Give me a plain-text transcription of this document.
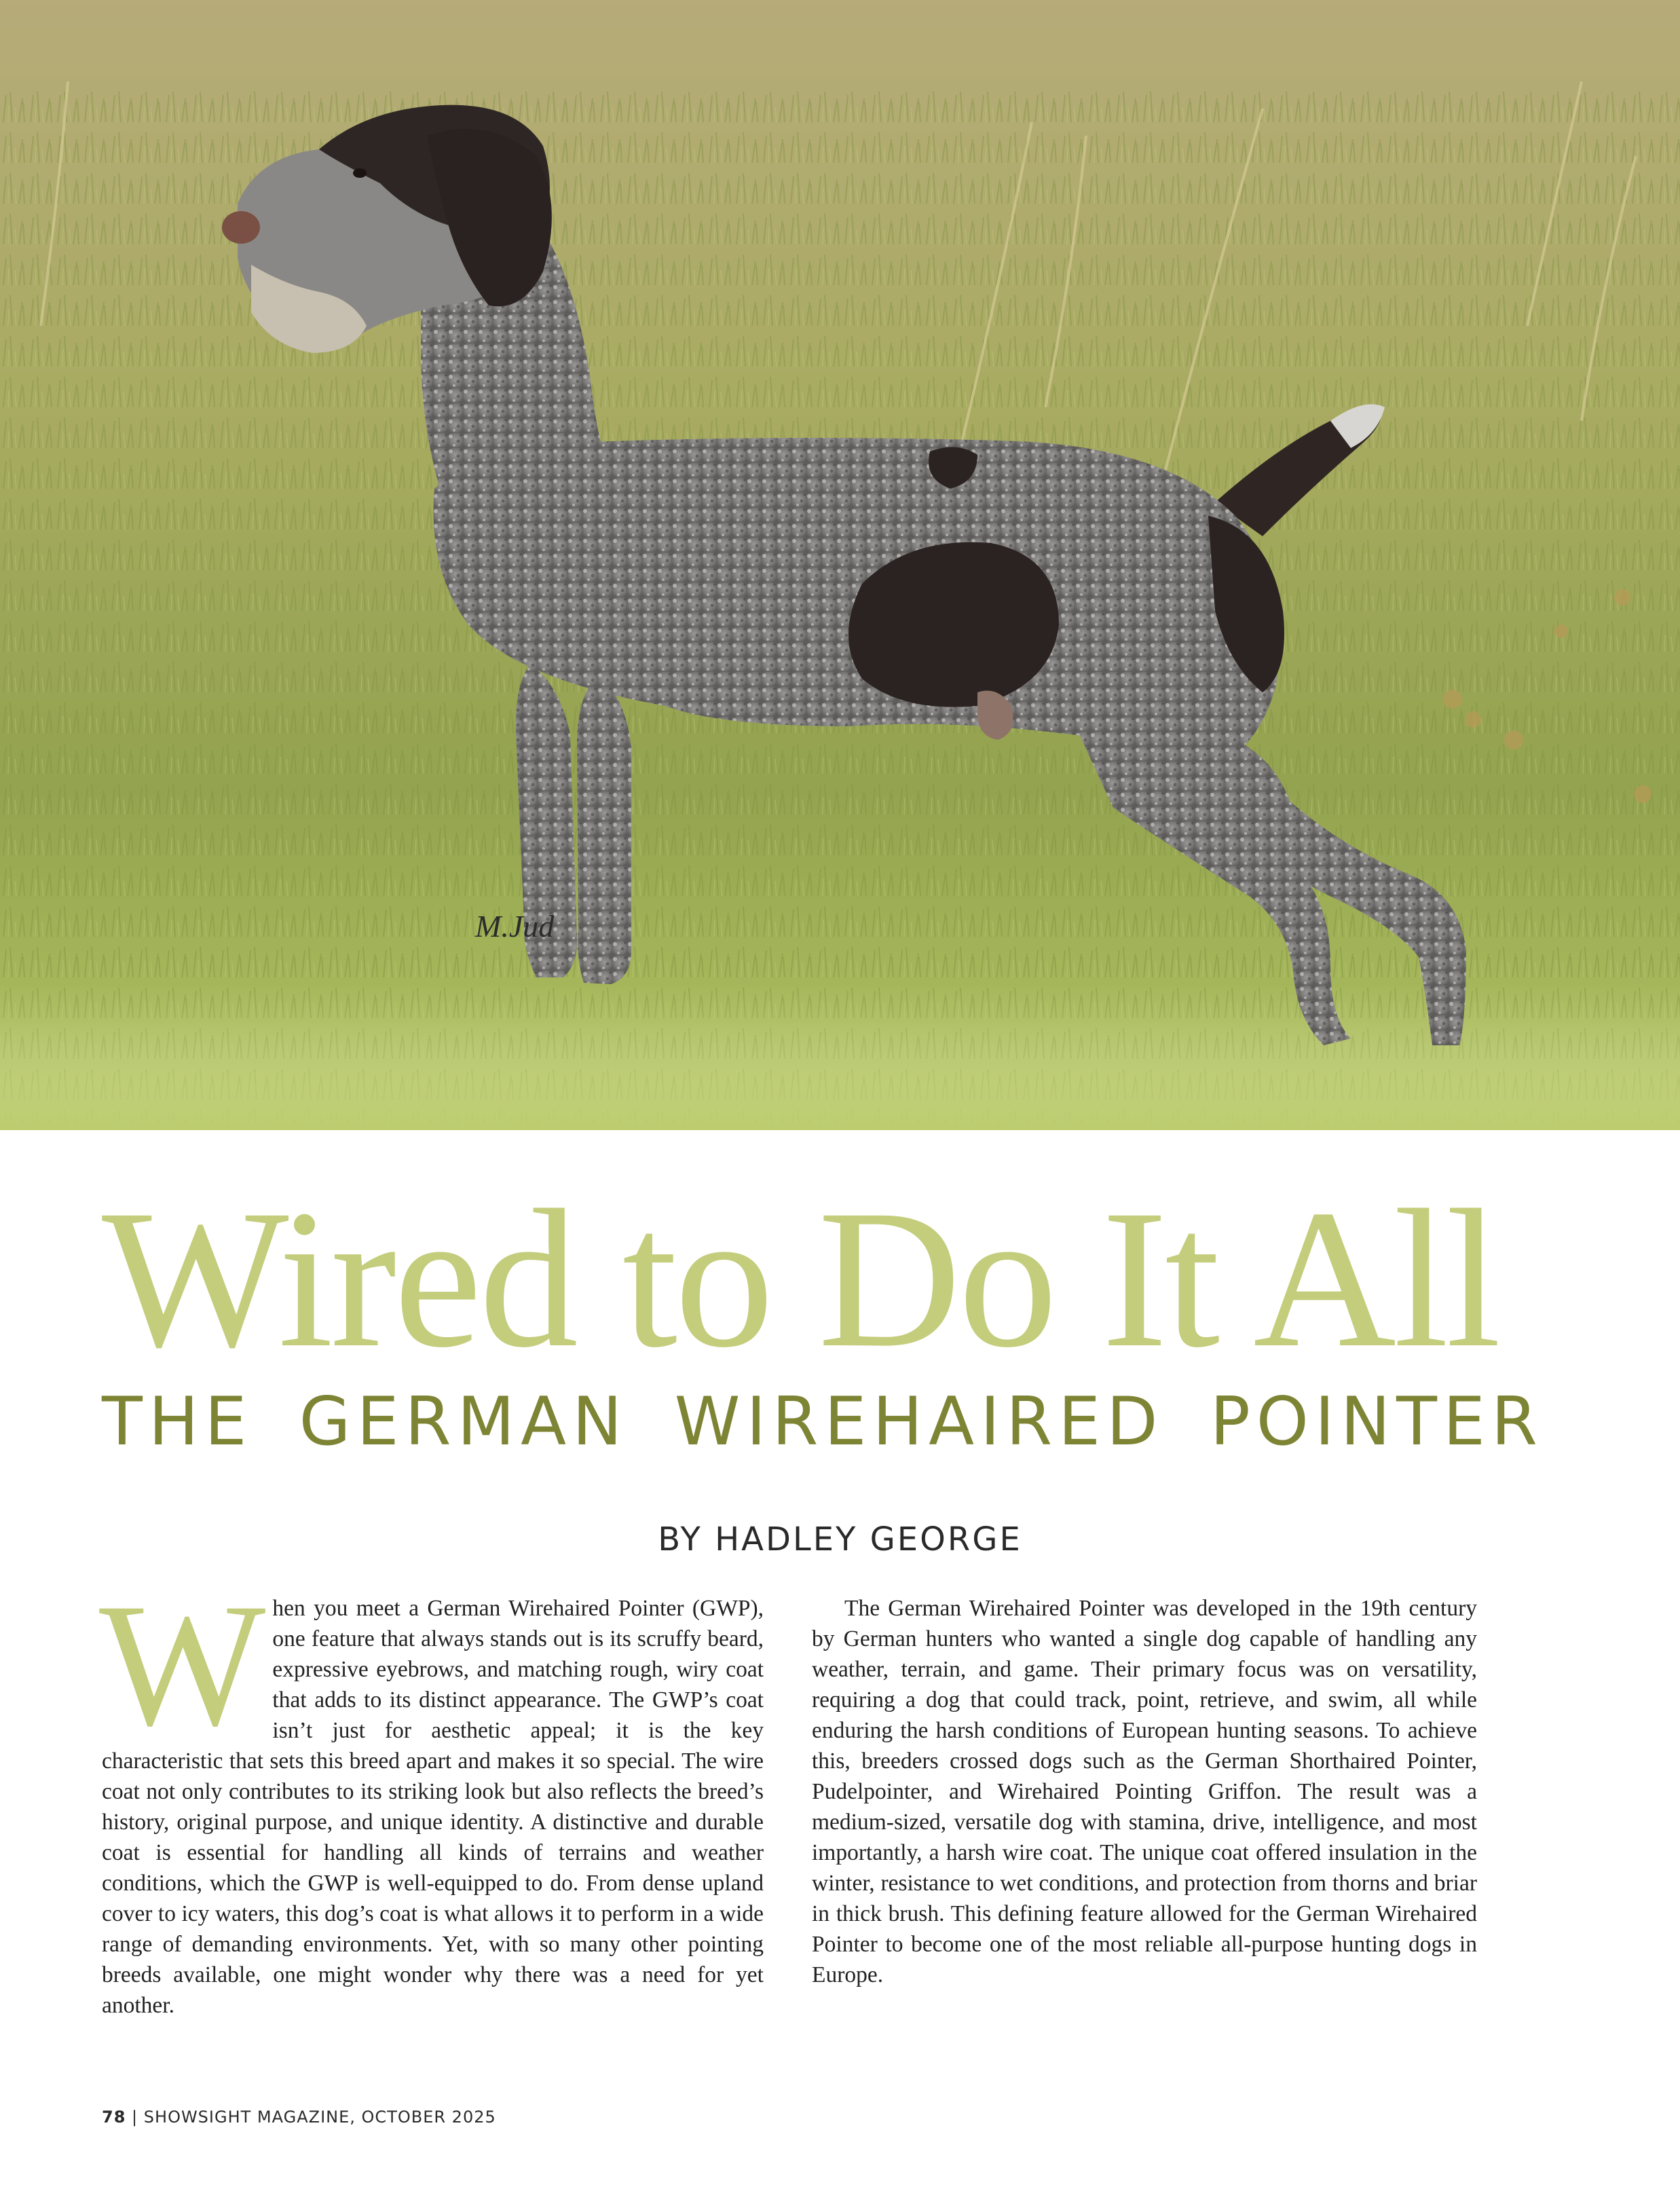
M.Jud
Wired to Do It All
THE GERMAN WIREHAIRED POINTER
BY HADLEY GEORGE
When you meet a German Wirehaired Pointer (GWP), one feature that always stands out is its scruffy beard, expressive eyebrows, and matching rough, wiry coat that adds to its distinct appearance. The GWP’s coat isn’t just for aesthetic appeal; it is the key characteristic that sets this breed apart and makes it so special. The wire coat not only contributes to its striking look but also reflects the breed’s history, original purpose, and unique identity. A distinctive and durable coat is essential for handling all kinds of terrains and weather conditions, which the GWP is well-equipped to do. From dense upland cover to icy waters, this dog’s coat is what allows it to perform in a wide range of demanding environments. Yet, with so many other pointing breeds available, one might wonder why there was a need for yet another.
The German Wirehaired Pointer was developed in the 19th century by German hunters who wanted a single dog capable of handling any weather, terrain, and game. Their primary focus was on versatility, requiring a dog that could track, point, retrieve, and swim, all while enduring the harsh conditions of European hunting seasons. To achieve this, breeders crossed dogs such as the German Shorthaired Pointer, Pudelpointer, and Wirehaired Pointing Griffon. The result was a medium-sized, versatile dog with stamina, drive, intelligence, and most importantly, a harsh wire coat. The unique coat offered insulation in the winter, resistance to wet conditions, and protection from thorns and briar in thick brush. This defining feature allowed for the German Wirehaired Pointer to become one of the most reliable all-purpose hunting dogs in Europe.
78 | SHOWSIGHT MAGAZINE, OCTOBER 2025
